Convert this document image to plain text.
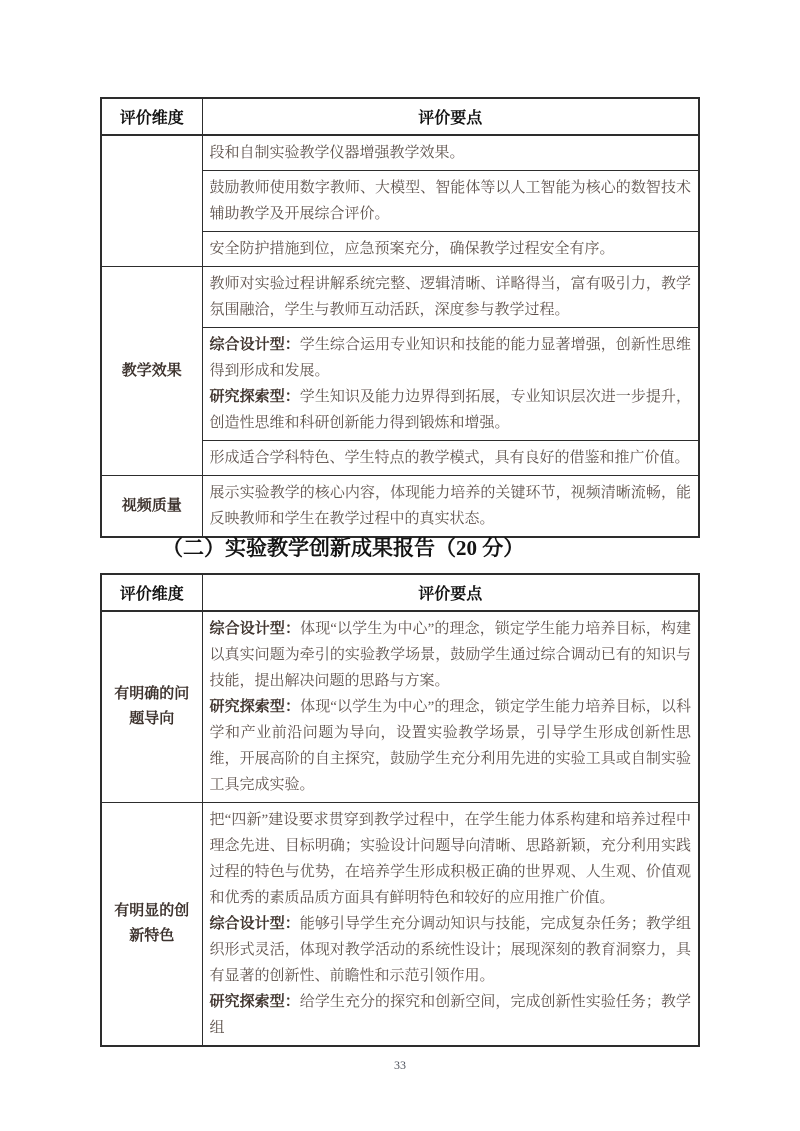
评价维度	评价要点

	段和自制实验教学仪器增强教学效果。

	鼓励教师使用数字教师、大模型、智能体等以人工智能为核心的数智技术辅助教学及开展综合评价。

	安全防护措施到位，应急预案充分，确保教学过程安全有序。

教学效果	教师对实验过程讲解系统完整、逻辑清晰、详略得当，富有吸引力，教学氛围融洽，学生与教师互动活跃，深度参与教学过程。

	综合设计型：学生综合运用专业知识和技能的能力显著增强，创新性思维得到形成和发展。

研究探索型：学生知识及能力边界得到拓展，专业知识层次进一步提升，创造性思维和科研创新能力得到锻炼和增强。

	形成适合学科特色、学生特点的教学模式，具有良好的借鉴和推广价值。

视频质量	展示实验教学的核心内容，体现能力培养的关键环节，视频清晰流畅，能反映教师和学生在教学过程中的真实状态。

（二）实验教学创新成果报告（20 分）
评价维度	评价要点
有明确的问题导向	综合设计型：体现“以学生为中心”的理念，锁定学生能力培养目标，构建以真实问题为牵引的实验教学场景，鼓励学生通过综合调动已有的知识与技能，提出解决问题的思路与方案。

研究探索型：体现“以学生为中心”的理念，锁定学生能力培养目标，以科学和产业前沿问题为导向，设置实验教学场景，引导学生形成创新性思维，开展高阶的自主探究，鼓励学生充分利用先进的实验工具或自制实验工具完成实验。

有明显的创新特色	把“四新”建设要求贯穿到教学过程中，在学生能力体系构建和培养过程中理念先进、目标明确；实验设计问题导向清晰、思路新颖，充分利用实践过程的特色与优势，在培养学生形成积极正确的世界观、人生观、价值观和优秀的素质品质方面具有鲜明特色和较好的应用推广价值。

综合设计型：能够引导学生充分调动知识与技能，完成复杂任务；教学组织形式灵活，体现对教学活动的系统性设计；展现深刻的教育洞察力，具有显著的创新性、前瞻性和示范引领作用。

研究探索型：给学生充分的探究和创新空间，完成创新性实验任务；教学组

33
